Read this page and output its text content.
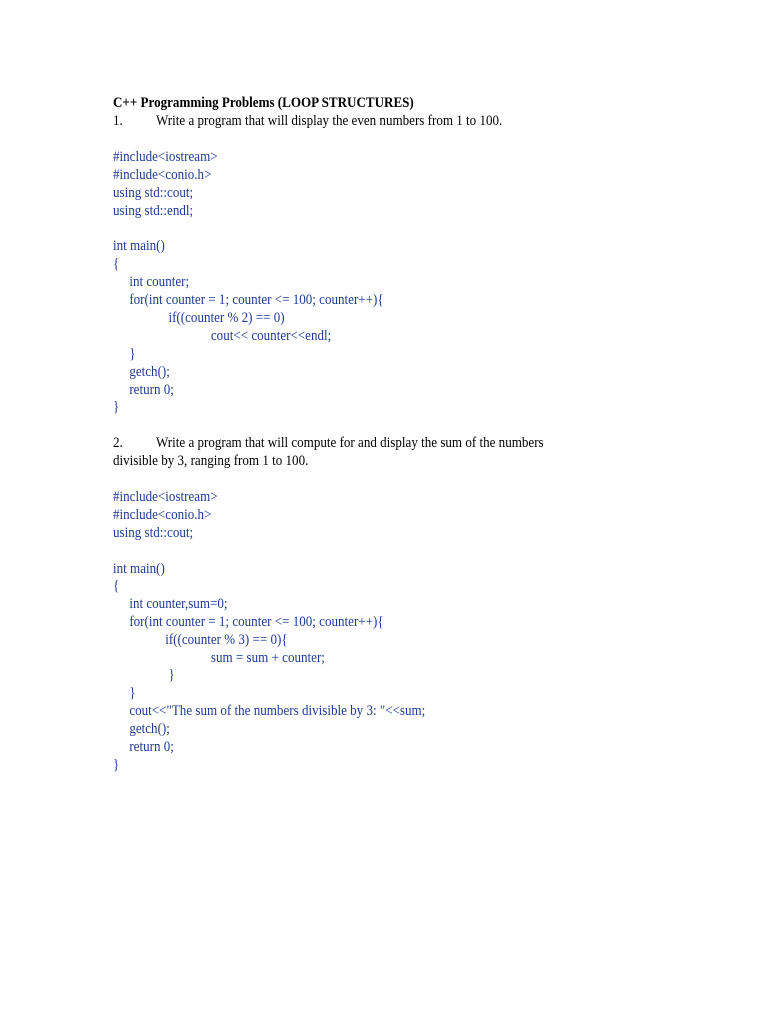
C++ Programming Problems (LOOP STRUCTURES)
1. Write a program that will display the even numbers from 1 to 100.
#include<iostream>
#include<conio.h>
using std::cout;
using std::endl;
int main()
{
int counter;
for(int counter = 1; counter <= 100; counter++){
if((counter % 2) == 0)
cout<< counter<<endl;
}
getch();
return 0;
}
2. Write a program that will compute for and display the sum of the numbers
divisible by 3, ranging from 1 to 100.
#include<iostream>
#include<conio.h>
using std::cout;
int main()
{
int counter,sum=0;
for(int counter = 1; counter <= 100; counter++){
if((counter % 3) == 0){
sum = sum + counter;
}
}
cout<<"The sum of the numbers divisible by 3: "<<sum;
getch();
return 0;
}
